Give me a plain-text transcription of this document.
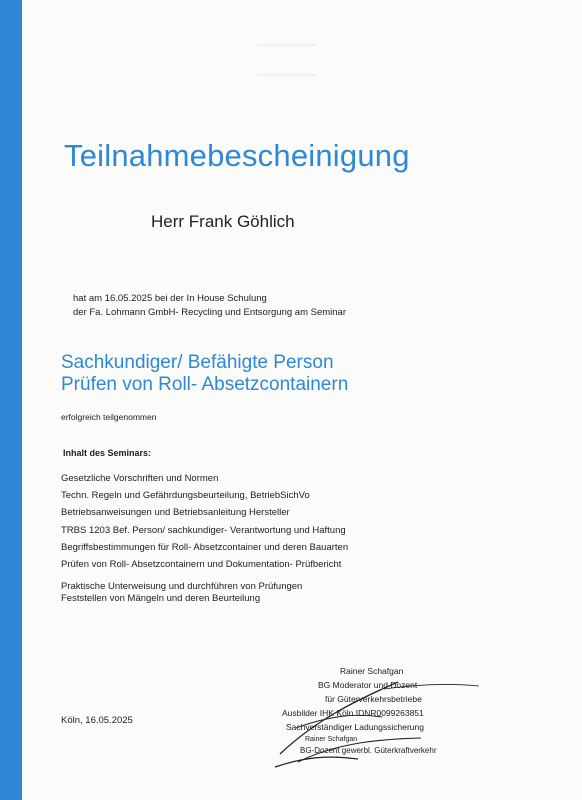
Teilnahmebescheinigung
Herr Frank Göhlich
hat am 16.05.2025 bei der In House Schulung
der Fa. Lohmann GmbH- Recycling und Entsorgung am Seminar
Sachkundiger/ Befähigte Person
Prüfen von Roll- Absetzcontainern
erfolgreich teilgenommen
Inhalt des Seminars:
Gesetzliche Vorschriften und Normen
Techn. Regeln und Gefährdungsbeurteilung, BetriebSichVo
Betriebsanweisungen und Betriebsanleitung Hersteller
TRBS 1203 Bef. Person/ sachkundiger- Verantwortung und Haftung
Begriffsbestimmungen für Roll- Absetzcontainer und deren Bauarten
Prüfen von Roll- Absetzcontainern und Dokumentation- Prüfbericht
Praktische Unterweisung und durchführen von Prüfungen
Feststellen von Mängeln und deren Beurteilung
Köln, 16.05.2025
Rainer Schafgan
BG Moderator und Dozent
für Güterverkehrsbetriebe
Ausbilder IHK Köln IDNR0099263851
Sachverständiger Ladungssicherung
Rainer Schafgan
BG-Dozent gewerbl. Güterkraftverkehr
